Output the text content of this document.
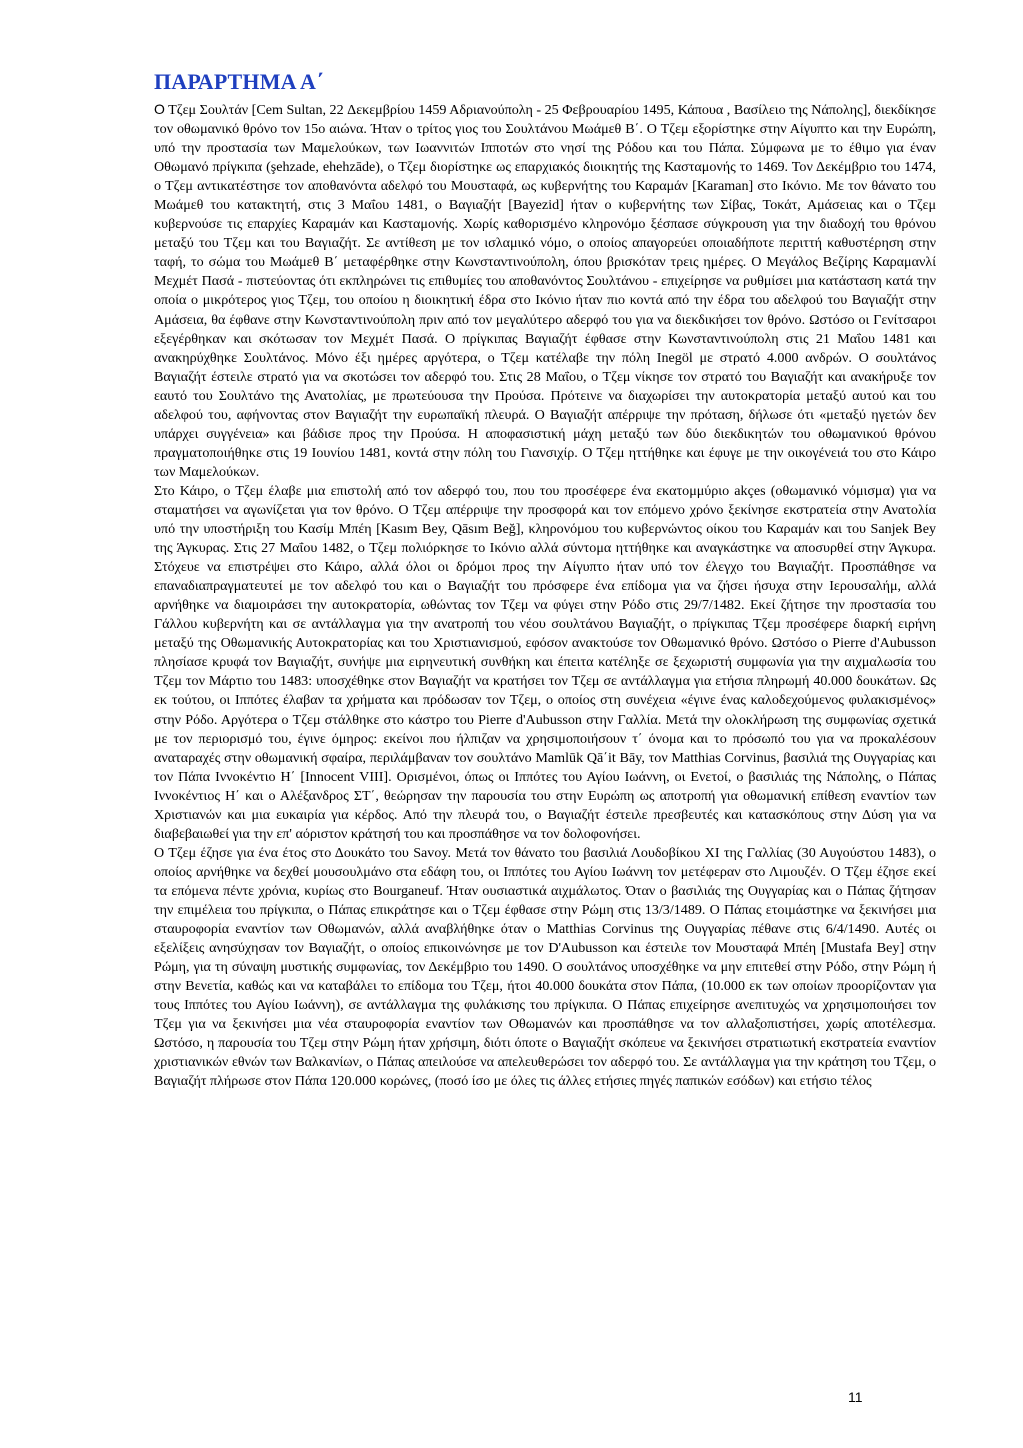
ΠΑΡΑΡΤΗΜΑ Α΄

Ο Τζεμ Σουλτάν [Cem Sultan, 22 Δεκεμβρίου 1459 Αδριανούπολη - 25 Φεβρουαρίου 1495, Κάπουα , Βασίλειο της Νάπολης], διεκδίκησε τον οθωμανικό θρόνο τον 15ο αιώνα. Ήταν ο τρίτος γιος του Σουλτάνου Μωάμεθ Β΄. Ο Τζεμ εξορίστηκε στην Αίγυπτο και την Ευρώπη, υπό την προστασία των Μαμελούκων, των Ιωαννιτών Ιπποτών στο νησί της Ρόδου και του Πάπα. Σύμφωνα με το έθιμο για έναν Οθωμανό πρίγκιπα (şehzade, ehehzāde), ο Τζεμ διορίστηκε ως επαρχιακός διοικητής της Κασταμονής το 1469. Τον Δεκέμβριο του 1474, ο Τζεμ αντικατέστησε τον αποθανόντα αδελφό του Μουσταφά, ως κυβερνήτης του Καραμάν [Karaman] στο Ικόνιο. Με τον θάνατο του Μωάμεθ του κατακτητή, στις 3 Μαΐου 1481, ο Βαγιαζήτ [Bayezid] ήταν ο κυβερνήτης των Σίβας, Τοκάτ, Αμάσειας και ο Τζεμ κυβερνούσε τις επαρχίες Καραμάν και Κασταμονής. Χωρίς καθορισμένο κληρονόμο ξέσπασε σύγκρουση για την διαδοχή του θρόνου μεταξύ του Τζεμ και του Βαγιαζήτ. Σε αντίθεση με τον ισλαμικό νόμο, ο οποίος απαγορεύει οποιαδήποτε περιττή καθυστέρηση στην ταφή, το σώμα του Μωάμεθ Β΄ μεταφέρθηκε στην Κωνσταντινούπολη, όπου βρισκόταν τρεις ημέρες. Ο Μεγάλος Βεζίρης Καραμανλί Μεχμέτ Πασά - πιστεύοντας ότι εκπληρώνει τις επιθυμίες του αποθανόντος Σουλτάνου - επιχείρησε να ρυθμίσει μια κατάσταση κατά την οποία ο μικρότερος γιος Τζεμ, του οποίου η διοικητική έδρα στο Ικόνιο ήταν πιο κοντά από την έδρα του αδελφού του Βαγιαζήτ στην Αμάσεια, θα έφθανε στην Κωνσταντινούπολη πριν από τον μεγαλύτερο αδερφό του για να διεκδικήσει τον θρόνο. Ωστόσο οι Γενίτσαροι εξεγέρθηκαν και σκότωσαν τον Μεχμέτ Πασά. Ο πρίγκιπας Βαγιαζήτ έφθασε στην Κωνσταντινούπολη στις 21 Μαΐου 1481 και ανακηρύχθηκε Σουλτάνος. Μόνο έξι ημέρες αργότερα, ο Τζεμ κατέλαβε την πόλη Inegöl με στρατό 4.000 ανδρών. Ο σουλτάνος Βαγιαζήτ έστειλε στρατό για να σκοτώσει τον αδερφό του. Στις 28 Μαΐου, ο Τζεμ νίκησε τον στρατό του Βαγιαζήτ και ανακήρυξε τον εαυτό του Σουλτάνο της Ανατολίας, με πρωτεύουσα την Προύσα. Πρότεινε να διαχωρίσει την αυτοκρατορία μεταξύ αυτού και του αδελφού του, αφήνοντας στον Βαγιαζήτ την ευρωπαϊκή πλευρά. Ο Βαγιαζήτ απέρριψε την πρόταση, δήλωσε ότι «μεταξύ ηγετών δεν υπάρχει συγγένεια» και βάδισε προς την Προύσα. Η αποφασιστική μάχη μεταξύ των δύο διεκδικητών του οθωμανικού θρόνου πραγματοποιήθηκε στις 19 Ιουνίου 1481, κοντά στην πόλη του Γιανσιχίρ. Ο Τζεμ ηττήθηκε και έφυγε με την οικογένειά του στο Κάιρο των Μαμελούκων.

Στο Κάιρο, ο Τζεμ έλαβε μια επιστολή από τον αδερφό του, που του προσέφερε ένα εκατομμύριο akçes (οθωμανικό νόμισμα) για να σταματήσει να αγωνίζεται για τον θρόνο. Ο Τζεμ απέρριψε την προσφορά και τον επόμενο χρόνο ξεκίνησε εκστρατεία στην Ανατολία υπό την υποστήριξη του Κασίμ Μπέη [Kasım Bey, Qāsım Beğ], κληρονόμου του κυβερνώντος οίκου του Καραμάν και του Sanjek Bey της Άγκυρας. Στις 27 Μαΐου 1482, ο Τζεμ πολιόρκησε το Ικόνιο αλλά σύντομα ηττήθηκε και αναγκάστηκε να αποσυρθεί στην Άγκυρα. Στόχευε να επιστρέψει στο Κάιρο, αλλά όλοι οι δρόμοι προς την Αίγυπτο ήταν υπό τον έλεγχο του Βαγιαζήτ. Προσπάθησε να επαναδιαπραγματευτεί με τον αδελφό του και ο Βαγιαζήτ του πρόσφερε ένα επίδομα για να ζήσει ήσυχα στην Ιερουσαλήμ, αλλά αρνήθηκε να διαμοιράσει την αυτοκρατορία, ωθώντας τον Τζεμ να φύγει στην Ρόδο στις 29/7/1482. Εκεί ζήτησε την προστασία του Γάλλου κυβερνήτη και σε αντάλλαγμα για την ανατροπή του νέου σουλτάνου Βαγιαζήτ, ο πρίγκιπας Τζεμ προσέφερε διαρκή ειρήνη μεταξύ της Οθωμανικής Αυτοκρατορίας και του Χριστιανισμού, εφόσον ανακτούσε τον Οθωμανικό θρόνο. Ωστόσο ο Pierre d'Aubusson πλησίασε κρυφά τον Βαγιαζήτ, συνήψε μια ειρηνευτική συνθήκη και έπειτα κατέληξε σε ξεχωριστή συμφωνία για την αιχμαλωσία του Τζεμ τον Μάρτιο του 1483: υποσχέθηκε στον Βαγιαζήτ να κρατήσει τον Τζεμ σε αντάλλαγμα για ετήσια πληρωμή 40.000 δουκάτων. Ως εκ τούτου, οι Ιππότες έλαβαν τα χρήματα και πρόδωσαν τον Τζεμ, ο οποίος στη συνέχεια «έγινε ένας καλοδεχούμενος φυλακισμένος» στην Ρόδο. Αργότερα ο Τζεμ στάλθηκε στο κάστρο του Pierre d'Aubusson στην Γαλλία. Μετά την ολοκλήρωση της συμφωνίας σχετικά με τον περιορισμό του, έγινε όμηρος: εκείνοι που ήλπιζαν να χρησιμοποιήσουν τ΄ όνομα και το πρόσωπό του για να προκαλέσουν αναταραχές στην οθωμανική σφαίρα, περιλάμβαναν τον σουλτάνο Mamlūk Qā΄it Bāy, τον Matthias Corvinus, βασιλιά της Ουγγαρίας και τον Πάπα Ιννοκέντιο Η΄ [Innocent VIII]. Ορισμένοι, όπως οι Ιππότες του Αγίου Ιωάννη, οι Ενετοί, ο βασιλιάς της Νάπολης, ο Πάπας Ιννοκέντιος Η΄ και ο Αλέξανδρος ΣΤ΄, θεώρησαν την παρουσία του στην Ευρώπη ως αποτροπή για οθωμανική επίθεση εναντίον των Χριστιανών και μια ευκαιρία για κέρδος. Από την πλευρά του, ο Βαγιαζήτ έστειλε πρεσβευτές και κατασκόπους στην Δύση για να διαβεβαιωθεί για την επ' αόριστον κράτησή του και προσπάθησε να τον δολοφονήσει.

Ο Τζεμ έζησε για ένα έτος στο Δουκάτο του Savoy. Μετά τον θάνατο του βασιλιά Λουδοβίκου XI της Γαλλίας (30 Αυγούστου 1483), ο οποίος αρνήθηκε να δεχθεί μουσουλμάνο στα εδάφη του, οι Ιππότες του Αγίου Ιωάννη τον μετέφεραν στο Λιμουζέν. Ο Τζεμ έζησε εκεί τα επόμενα πέντε χρόνια, κυρίως στο Bourganeuf. Ήταν ουσιαστικά αιχμάλωτος. Όταν ο βασιλιάς της Ουγγαρίας και ο Πάπας ζήτησαν την επιμέλεια του πρίγκιπα, ο Πάπας επικράτησε και ο Τζεμ έφθασε στην Ρώμη στις 13/3/1489. Ο Πάπας ετοιμάστηκε να ξεκινήσει μια σταυροφορία εναντίον των Οθωμανών, αλλά αναβλήθηκε όταν ο Matthias Corvinus της Ουγγαρίας πέθανε στις 6/4/1490. Αυτές οι εξελίξεις ανησύχησαν τον Βαγιαζήτ, ο οποίος επικοινώνησε με τον D'Aubusson και έστειλε τον Μουσταφά Μπέη [Mustafa Bey] στην Ρώμη, για τη σύναψη μυστικής συμφωνίας, τον Δεκέμβριο του 1490. Ο σουλτάνος υποσχέθηκε να μην επιτεθεί στην Ρόδο, στην Ρώμη ή στην Βενετία, καθώς και να καταβάλει το επίδομα του Τζεμ, ήτοι 40.000 δουκάτα στον Πάπα, (10.000 εκ των οποίων προορίζονταν για τους Ιππότες του Αγίου Ιωάννη), σε αντάλλαγμα της φυλάκισης του πρίγκιπα. Ο Πάπας επιχείρησε ανεπιτυχώς να χρησιμοποιήσει τον Τζεμ για να ξεκινήσει μια νέα σταυροφορία εναντίον των Οθωμανών και προσπάθησε να τον αλλαξοπιστήσει, χωρίς αποτέλεσμα. Ωστόσο, η παρουσία του Τζεμ στην Ρώμη ήταν χρήσιμη, διότι όποτε ο Βαγιαζήτ σκόπευε να ξεκινήσει στρατιωτική εκστρατεία εναντίον χριστιανικών εθνών των Βαλκανίων, ο Πάπας απειλούσε να απελευθερώσει τον αδερφό του. Σε αντάλλαγμα για την κράτηση του Τζεμ, ο Βαγιαζήτ πλήρωσε στον Πάπα 120.000 κορώνες, (ποσό ίσο με όλες τις άλλες ετήσιες πηγές παπικών εσόδων) και ετήσιο τέλος

11
